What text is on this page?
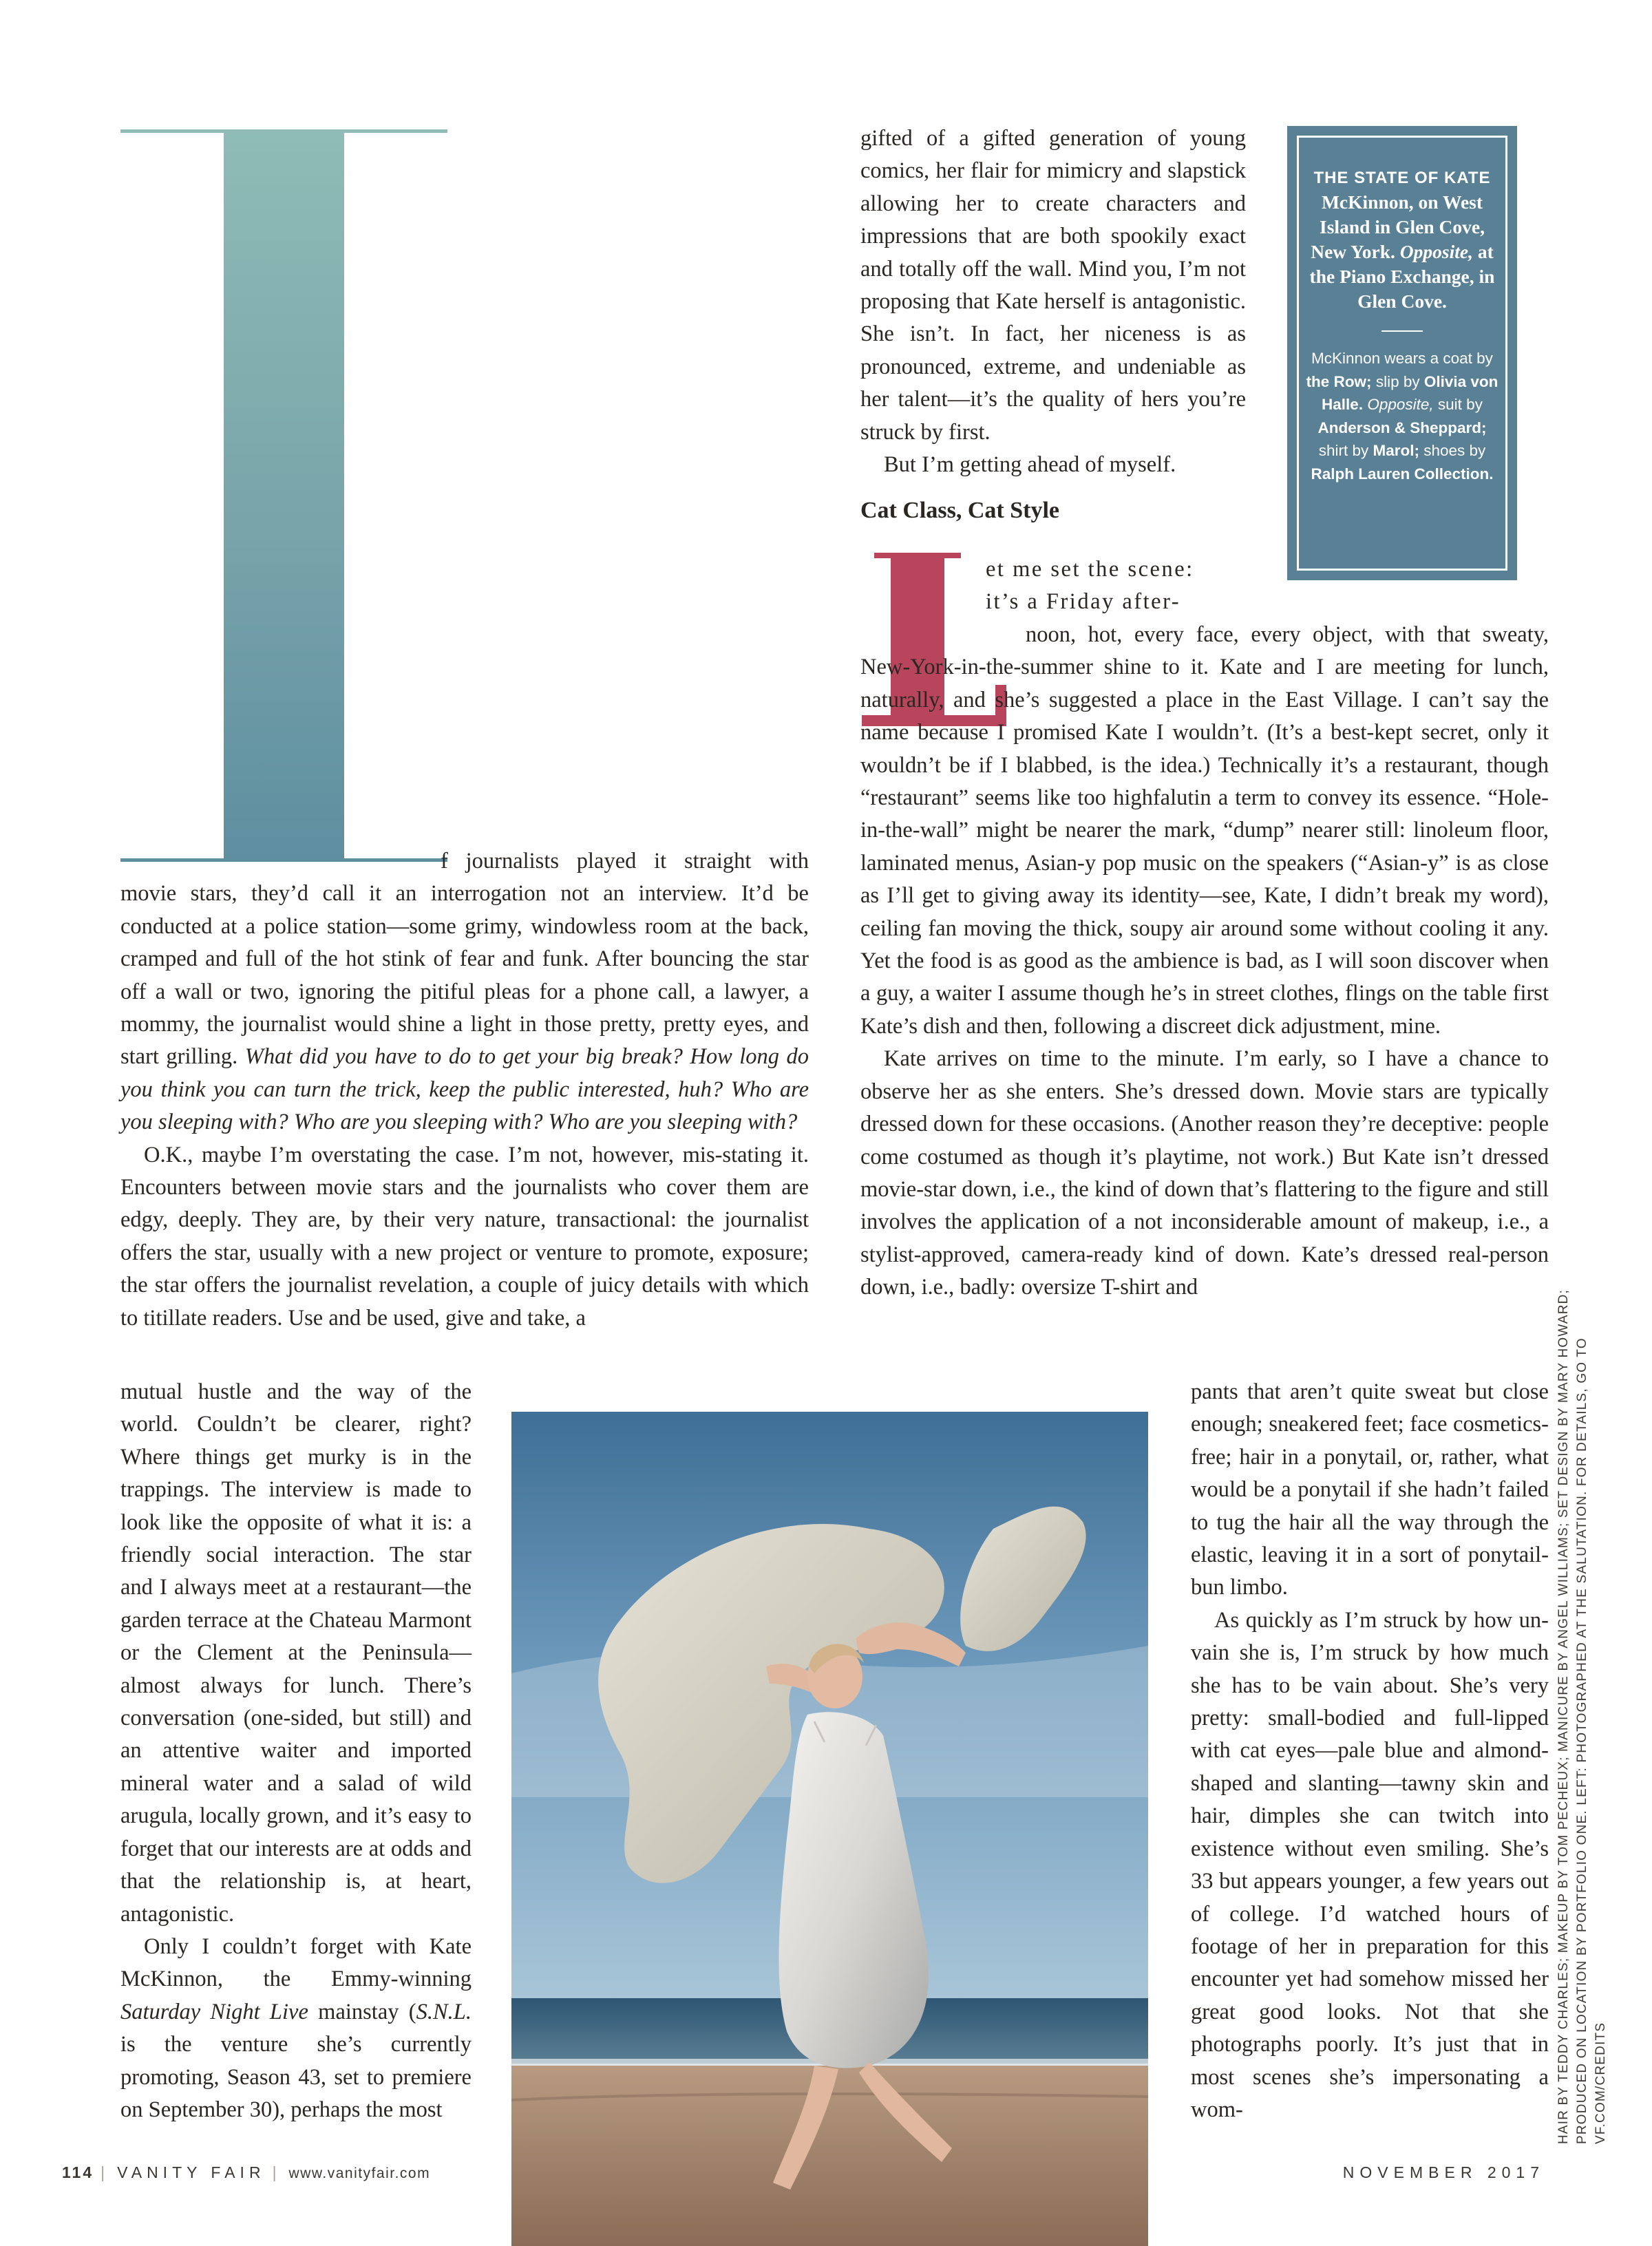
f journalists played it straight with movie stars, they’d call it an interrogation not an interview. It’d be conducted at a police station—some grimy, windowless room at the back, cramped and full of the hot stink of fear and funk. After bouncing the star off a wall or two, ignoring the pitiful pleas for a phone call, a lawyer, a mommy, the journalist would shine a light in those pretty, pretty eyes, and start grilling. What did you have to do to get your big break? How long do you think you can turn the trick, keep the public interested, huh? Who are you sleeping with? Who are you sleeping with? Who are you sleeping with?

O.K., maybe I’m overstating the case. I’m not, however, mis-stating it. Encounters between movie stars and the journalists who cover them are edgy, deeply. They are, by their very nature, transactional: the journalist offers the star, usually with a new project or venture to promote, exposure; the star offers the journalist revelation, a couple of juicy details with which to titillate readers. Use and be used, give and take, a

mutual hustle and the way of the world. Couldn’t be clearer, right? Where things get murky is in the trappings. The interview is made to look like the opposite of what it is: a friendly social interaction. The star and I always meet at a restaurant—the garden terrace at the Chateau Marmont or the Clement at the Peninsula—almost always for lunch. There’s conversation (one-sided, but still) and an attentive waiter and imported mineral water and a salad of wild arugula, locally grown, and it’s easy to forget that our interests are at odds and that the relationship is, at heart, antagonistic.

Only I couldn’t forget with Kate McKinnon, the Emmy-winning Saturday Night Live mainstay (S.N.L. is the venture she’s currently promoting, Season 43, set to premiere on September 30), perhaps the most

gifted of a gifted generation of young comics, her flair for mimicry and slapstick allowing her to create characters and impressions that are both spookily exact and totally off the wall. Mind you, I’m not proposing that Kate herself is antagonistic. She isn’t. In fact, her niceness is as pronounced, extreme, and undeniable as her talent—it’s the quality of hers you’re struck by first.

But I’m getting ahead of myself.

Cat Class, Cat Style

et me set the scene: it’s a Friday after-

noon, hot, every face, every object, with that sweaty, New-York-in-the-summer shine to it. Kate and I are meeting for lunch, naturally, and she’s suggested a place in the East Village. I can’t say the name because I promised Kate I wouldn’t. (It’s a best-kept secret, only it wouldn’t be if I blabbed, is the idea.) Technically it’s a restaurant, though “restaurant” seems like too highfalutin a term to convey its essence. “Hole-in-the-wall” might be nearer the mark, “dump” nearer still: linoleum floor, laminated menus, Asian-y pop music on the speakers (“Asian-y” is as close as I’ll get to giving away its identity—see, Kate, I didn’t break my word), ceiling fan moving the thick, soupy air around some without cooling it any. Yet the food is as good as the ambience is bad, as I will soon discover when a guy, a waiter I assume though he’s in street clothes, flings on the table first Kate’s dish and then, following a discreet dick adjustment, mine.

Kate arrives on time to the minute. I’m early, so I have a chance to observe her as she enters. She’s dressed down. Movie stars are typically dressed down for these occasions. (Another reason they’re deceptive: people come costumed as though it’s playtime, not work.) But Kate isn’t dressed movie-star down, i.e., the kind of down that’s flattering to the figure and still involves the application of a not inconsiderable amount of makeup, i.e., a stylist-approved, camera-ready kind of down. Kate’s dressed real-person down, i.e., badly: oversize T-shirt and

pants that aren’t quite sweat but close enough; sneakered feet; face cosmetics-free; hair in a ponytail, or, rather, what would be a ponytail if she hadn’t failed to tug the hair all the way through the elastic, leaving it in a sort of ponytail-bun limbo.

As quickly as I’m struck by how un-vain she is, I’m struck by how much she has to be vain about. She’s very pretty: small-bodied and full-lipped with cat eyes—pale blue and almond-shaped and slanting—tawny skin and hair, dimples she can twitch into existence without even smiling. She’s 33 but appears younger, a few years out of college. I’d watched hours of footage of her in preparation for this encounter yet had somehow missed her great good looks. Not that she photographs poorly. It’s just that in most scenes she’s impersonating a wom-

THE STATE OF KATE
McKinnon, on West Island in Glen Cove, New York. Opposite, at the Piano Exchange, in Glen Cove.
McKinnon wears a coat by the Row; slip by Olivia von Halle. Opposite, suit by Anderson & Sheppard; shirt by Marol; shoes by Ralph Lauren Collection.
HAIR BY TEDDY CHARLES; MAKEUP BY TOM PECHEUX; MANICURE BY ANGEL WILLIAMS; SET DESIGN BY MARY HOWARD; PRODUCED ON LOCATION BY PORTFOLIO ONE. LEFT: PHOTOGRAPHED AT THE SALUTATION. FOR DETAILS, GO TO VF.COM/CREDITS
114 | VANITY FAIR | www.vanityfair.com	NOVEMBER 2017
